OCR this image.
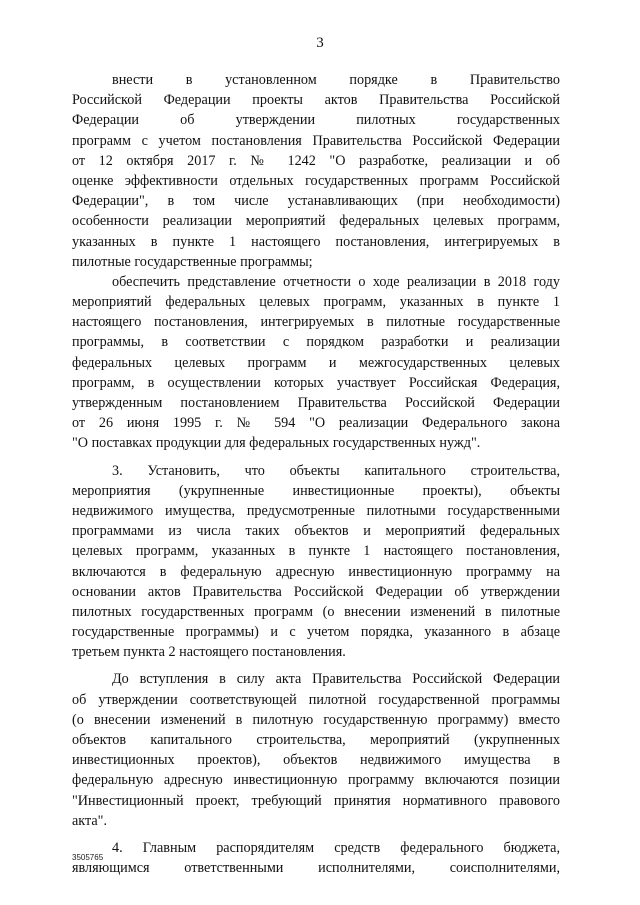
3
внести в установленном порядке в Правительство
Российской Федерации проекты актов Правительства Российской
Федерации об утверждении пилотных государственных
программ с учетом постановления Правительства Российской Федерации
от 12 октября 2017 г. № 1242 "О разработке, реализации и об
оценке эффективности отдельных государственных программ Российской
Федерации", в том числе устанавливающих (при необходимости)
особенности реализации мероприятий федеральных целевых программ,
указанных в пункте 1 настоящего постановления, интегрируемых в
пилотные государственные программы;
обеспечить представление отчетности о ходе реализации в 2018 году
мероприятий федеральных целевых программ, указанных в пункте 1
настоящего постановления, интегрируемых в пилотные государственные
программы, в соответствии с порядком разработки и реализации
федеральных целевых программ и межгосударственных целевых
программ, в осуществлении которых участвует Российская Федерация,
утвержденным постановлением Правительства Российской Федерации
от 26 июня 1995 г. № 594 "О реализации Федерального закона
"О поставках продукции для федеральных государственных нужд".
3. Установить, что объекты капитального строительства,
мероприятия (укрупненные инвестиционные проекты), объекты
недвижимого имущества, предусмотренные пилотными государственными
программами из числа таких объектов и мероприятий федеральных
целевых программ, указанных в пункте 1 настоящего постановления,
включаются в федеральную адресную инвестиционную программу на
основании актов Правительства Российской Федерации об утверждении
пилотных государственных программ (о внесении изменений в пилотные
государственные программы) и с учетом порядка, указанного в абзаце
третьем пункта 2 настоящего постановления.
До вступления в силу акта Правительства Российской Федерации
об утверждении соответствующей пилотной государственной программы
(о внесении изменений в пилотную государственную программу) вместо
объектов капитального строительства, мероприятий (укрупненных
инвестиционных проектов), объектов недвижимого имущества в
федеральную адресную инвестиционную программу включаются позиции
"Инвестиционный проект, требующий принятия нормативного правового
акта".
4. Главным распорядителям средств федерального бюджета,
являющимся ответственными исполнителями, соисполнителями,
3505765
